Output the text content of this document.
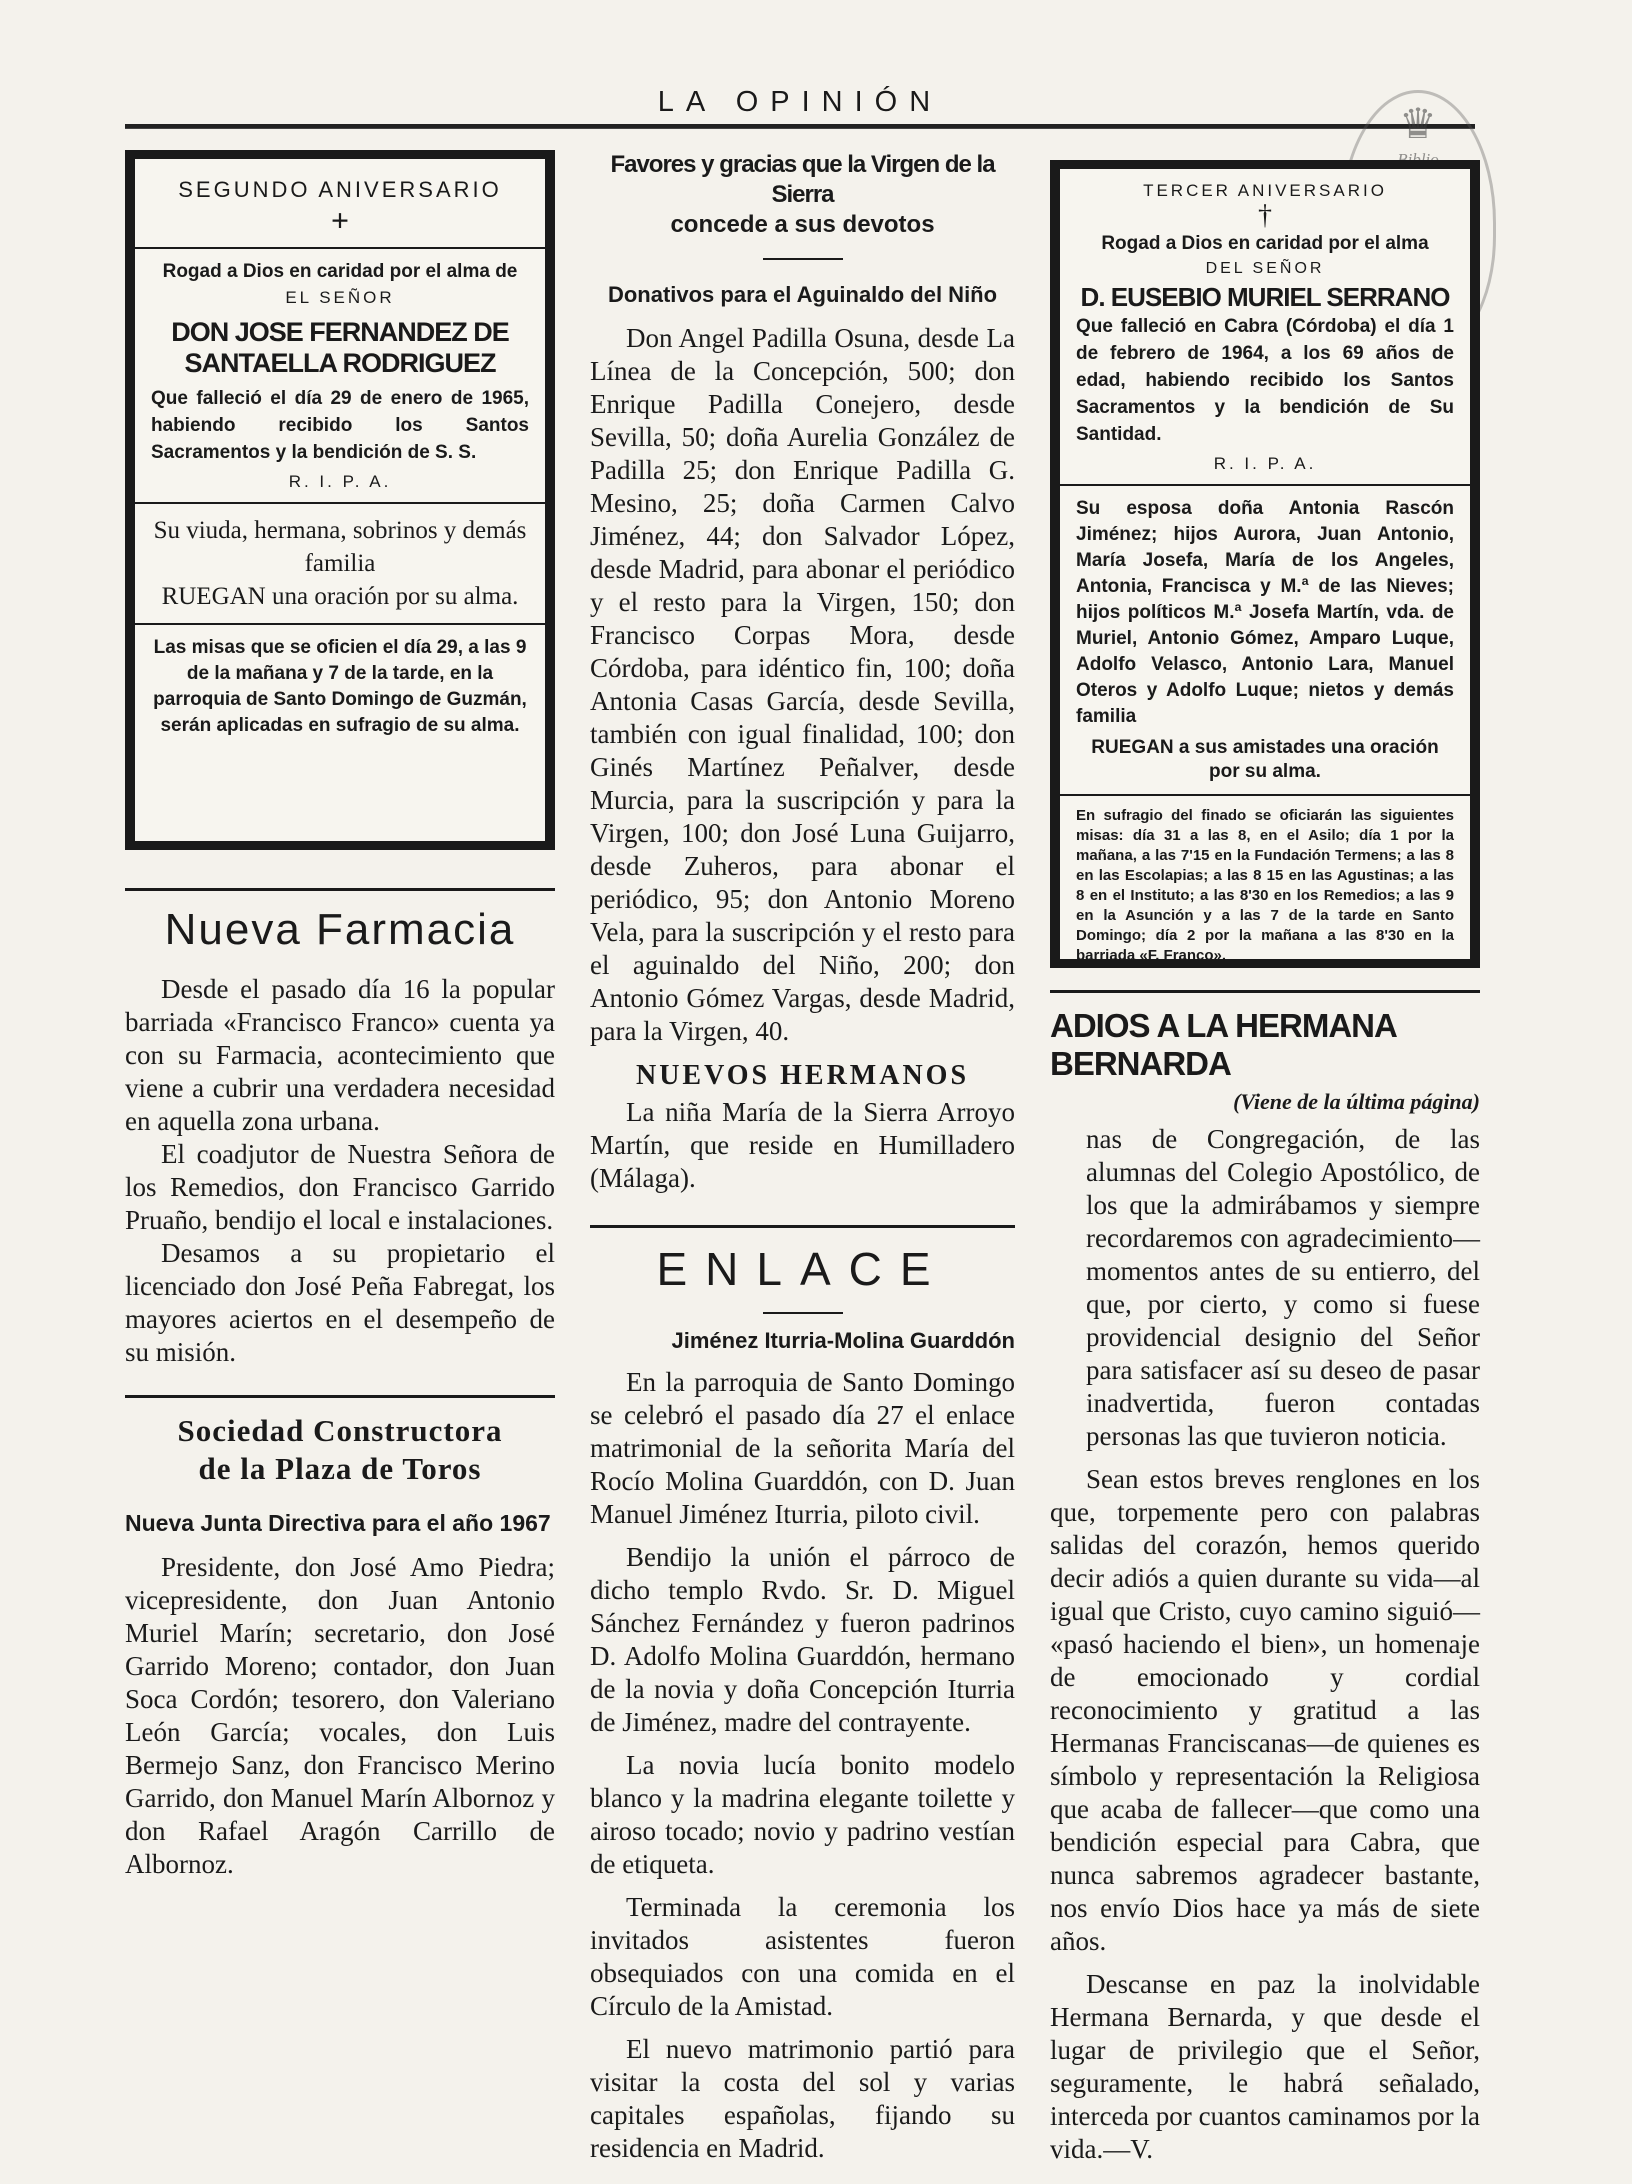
LA OPINIÓN	♛
SEGUNDO ANIVERSARIO
+
Rogad a Dios en caridad por el alma de
EL SEÑOR
DON JOSE FERNANDEZ DE SANTAELLA RODRIGUEZ
Que falleció el día 29 de enero de 1965, habiendo recibido los Santos Sacramentos y la bendición de S. S.
R. I. P. A.
Su viuda, hermana, sobrinos y demás familia
RUEGAN una oración por su alma.
Las misas que se oficien el día 29, a las 9 de la mañana y 7 de la tarde, en la parroquia de Santo Domingo de Guzmán, serán aplicadas en sufragio de su alma.
Nueva Farmacia

Desde el pasado día 16 la popular barriada «Francisco Franco» cuenta ya con su Farmacia, acontecimiento que viene a cubrir una verdadera necesidad en aquella zona urbana.

El coadjutor de Nuestra Señora de los Remedios, don Francisco Garrido Pruaño, bendijo el local e instalaciones.

Desamos a su propietario el licenciado don José Peña Fabregat, los mayores aciertos en el desempeño de su misión.

Sociedad Constructora
de la Plaza de Toros
Nueva Junta Directiva para el año 1967

Presidente, don José Amo Piedra; vicepresidente, don Juan Antonio Muriel Marín; secretario, don José Garrido Moreno; contador, don Juan Soca Cordón; tesorero, don Valeriano León García; vocales, don Luis Bermejo Sanz, don Francisco Merino Garrido, don Manuel Marín Albornoz y don Rafael Aragón Carrillo de Albornoz.

Favores y gracias que la Virgen de la Sierra
concede a sus devotos
Donativos para el Aguinaldo del Niño

Don Angel Padilla Osuna, desde La Línea de la Concepción, 500; don Enrique Padilla Conejero, desde Sevilla, 50; doña Aurelia González de Padilla 25; don Enrique Padilla G. Mesino, 25; doña Carmen Calvo Jiménez, 44; don Salvador López, desde Madrid, para abonar el periódico y el resto para la Virgen, 150; don Francisco Corpas Mora, desde Córdoba, para idéntico fin, 100; doña Antonia Casas García, desde Sevilla, también con igual finalidad, 100; don Ginés Martínez Peñalver, desde Murcia, para la suscripción y para la Virgen, 100; don José Luna Guijarro, desde Zuheros, para abonar el periódico, 95; don Antonio Moreno Vela, para la suscripción y el resto para el aguinaldo del Niño, 200; don Antonio Gómez Vargas, desde Madrid, para la Virgen, 40.

NUEVOS HERMANOS

La niña María de la Sierra Arroyo Martín, que reside en Humilladero (Málaga).

ENLACE
Jiménez Iturria-Molina Guarddón

En la parroquia de Santo Domingo se celebró el pasado día 27 el enlace matrimonial de la señorita María del Rocío Molina Guarddón, con D. Juan Manuel Jiménez Iturria, piloto civil.

Bendijo la unión el párroco de dicho templo Rvdo. Sr. D. Miguel Sánchez Fernández y fueron padrinos D. Adolfo Molina Guarddón, hermano de la novia y doña Concepción Iturria de Jiménez, madre del contrayente.

La novia lucía bonito modelo blanco y la madrina elegante toilette y airoso tocado; novio y padrino vestían de etiqueta.

Terminada la ceremonia los invitados asistentes fueron obsequiados con una comida en el Círculo de la Amistad.

El nuevo matrimonio partió para visitar la costa del sol y varias capitales españolas, fijando su residencia en Madrid.

TERCER ANIVERSARIO
†
Rogad a Dios en caridad por el alma
DEL SEÑOR
D. EUSEBIO MURIEL SERRANO
Que falleció en Cabra (Córdoba) el día 1 de febrero de 1964, a los 69 años de edad, habiendo recibido los Santos Sacramentos y la bendición de Su Santidad.
R. I. P. A.
Su esposa doña Antonia Rascón Jiménez; hijos Aurora, Juan Antonio, María Josefa, María de los Angeles, Antonia, Francisca y M.ª de las Nieves; hijos políticos M.ª Josefa Martín, vda. de Muriel, Antonio Gómez, Amparo Luque, Adolfo Velasco, Antonio Lara, Manuel Oteros y Adolfo Luque; nietos y demás familia
RUEGAN a sus amistades una oración por su alma.
En sufragio del finado se oficiarán las siguientes misas: día 31 a las 8, en el Asilo; día 1 por la mañana, a las 7'15 en la Fundación Termens; a las 8 en las Escolapias; a las 8 15 en las Agustinas; a las 8 en el Instituto; a las 8'30 en los Remedios; a las 9 en la Asunción y a las 7 de la tarde en Santo Domingo; día 2 por la mañana a las 8'30 en la barriada «F. Franco».
ADIOS A LA HERMANA BERNARDA
(Viene de la última página)

nas de Congregación, de las alumnas del Colegio Apostólico, de los que la admirábamos y siempre recordaremos con agradecimiento—momentos antes de su entierro, del que, por cierto, y como si fuese providencial designio del Señor para satisfacer así su deseo de pasar inadvertida, fueron contadas personas las que tuvieron noticia.

Sean estos breves renglones en los que, torpemente pero con palabras salidas del corazón, hemos querido decir adiós a quien durante su vida—al igual que Cristo, cuyo camino siguió— «pasó haciendo el bien», un homenaje de emocionado y cordial reconocimiento y gratitud a las Hermanas Franciscanas—de quienes es símbolo y representación la Religiosa que acaba de fallecer—que como una bendición especial para Cabra, que nunca sabremos agradecer bastante, nos envío Dios hace ya más de siete años.

Descanse en paz la inolvidable Hermana Bernarda, y que desde el lugar de privilegio que el Señor, seguramente, le habrá señalado, interceda por cuantos caminamos por la vida.—V.
